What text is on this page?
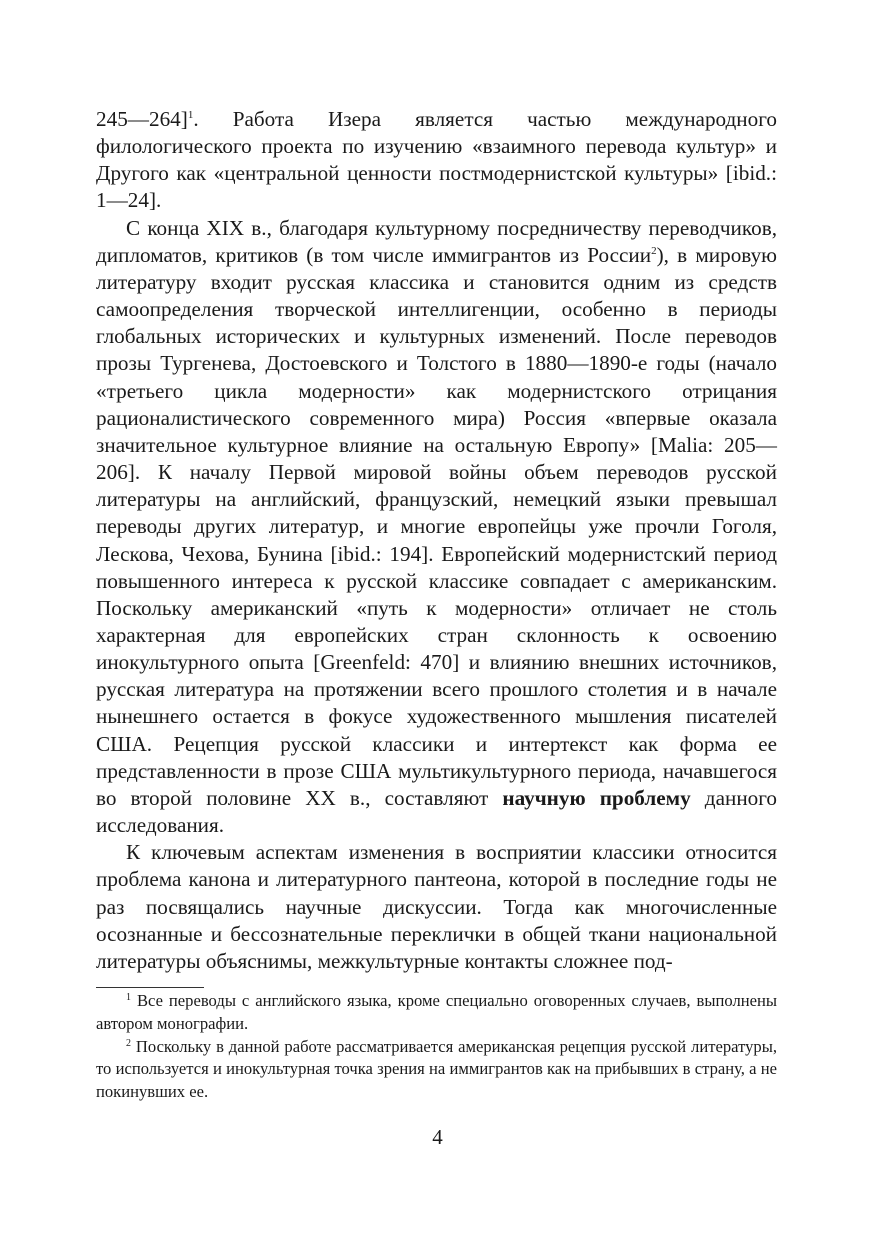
245—264]$^1$. Работа Изера является частью международного филологического проекта по изучению «взаимного перевода культур» и Другого как «центральной ценности постмодернистской культуры» [ibid.: 1—24].

С конца XIX в., благодаря культурному посредничеству переводчиков, дипломатов, критиков (в том числе иммигрантов из России$^2$), в мировую литературу входит русская классика и становится одним из средств самоопределения творческой интеллигенции, особенно в периоды глобальных исторических и культурных изменений. После переводов прозы Тургенева, Достоевского и Толстого в 1880—1890-е годы (начало «третьего цикла модерности» как модернистского отрицания рационалистического современного мира) Россия «впервые оказала значительное культурное влияние на остальную Европу» [Malia: 205—206]. К началу Первой мировой войны объем переводов русской литературы на английский, французский, немецкий языки превышал переводы других литератур, и многие европейцы уже прочли Гоголя, Лескова, Чехова, Бунина [ibid.: 194]. Европейский модернистский период повышенного интереса к русской классике совпадает с американским. Поскольку американский «путь к модерности» отличает не столь характерная для европейских стран склонность к освоению инокультурного опыта [Greenfeld: 470] и влиянию внешних источников, русская литература на протяжении всего прошлого столетия и в начале нынешнего остается в фокусе художественного мышления писателей США. Рецепция русской классики и интертекст как форма ее представленности в прозе США мультикультурного периода, начавшегося во второй половине XX в., составляют научную проблему данного исследования.

К ключевым аспектам изменения в восприятии классики относится проблема канона и литературного пантеона, которой в последние годы не раз посвящались научные дискуссии. Тогда как многочисленные осознанные и бессознательные переклички в общей ткани национальной литературы объяснимы, межкультурные контакты сложнее под-

$^1$ Все переводы с английского языка, кроме специально оговоренных случаев, выполнены автором монографии.

$^2$ Поскольку в данной работе рассматривается американская рецепция русской литературы, то используется и инокультурная точка зрения на иммигрантов как на прибывших в страну, а не покинувших ее.

4
